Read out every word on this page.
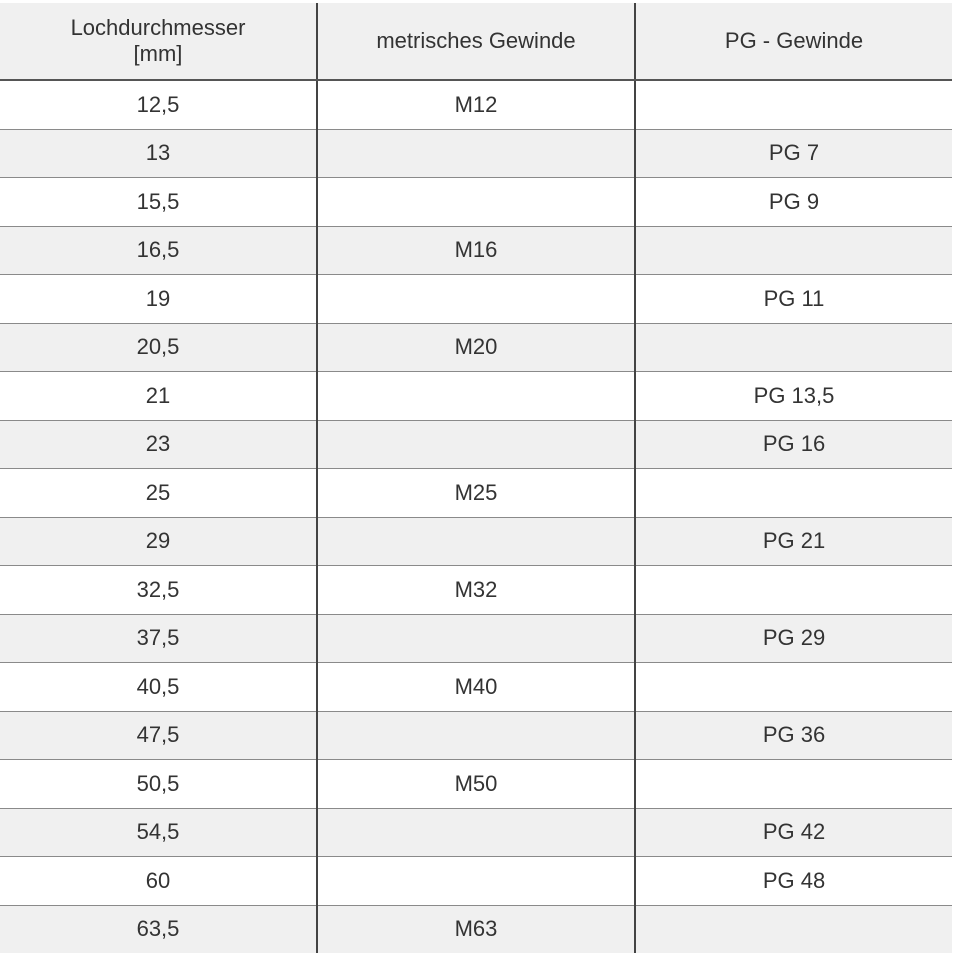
Lochdurchmesser
[mm]	metrisches Gewinde	PG - Gewinde
12,5	M12	
13		PG 7
15,5		PG 9
16,5	M16	
19		PG 11
20,5	M20	
21		PG 13,5
23		PG 16
25	M25	
29		PG 21
32,5	M32	
37,5		PG 29
40,5	M40	
47,5		PG 36
50,5	M50	
54,5		PG 42
60		PG 48
63,5	M63	
